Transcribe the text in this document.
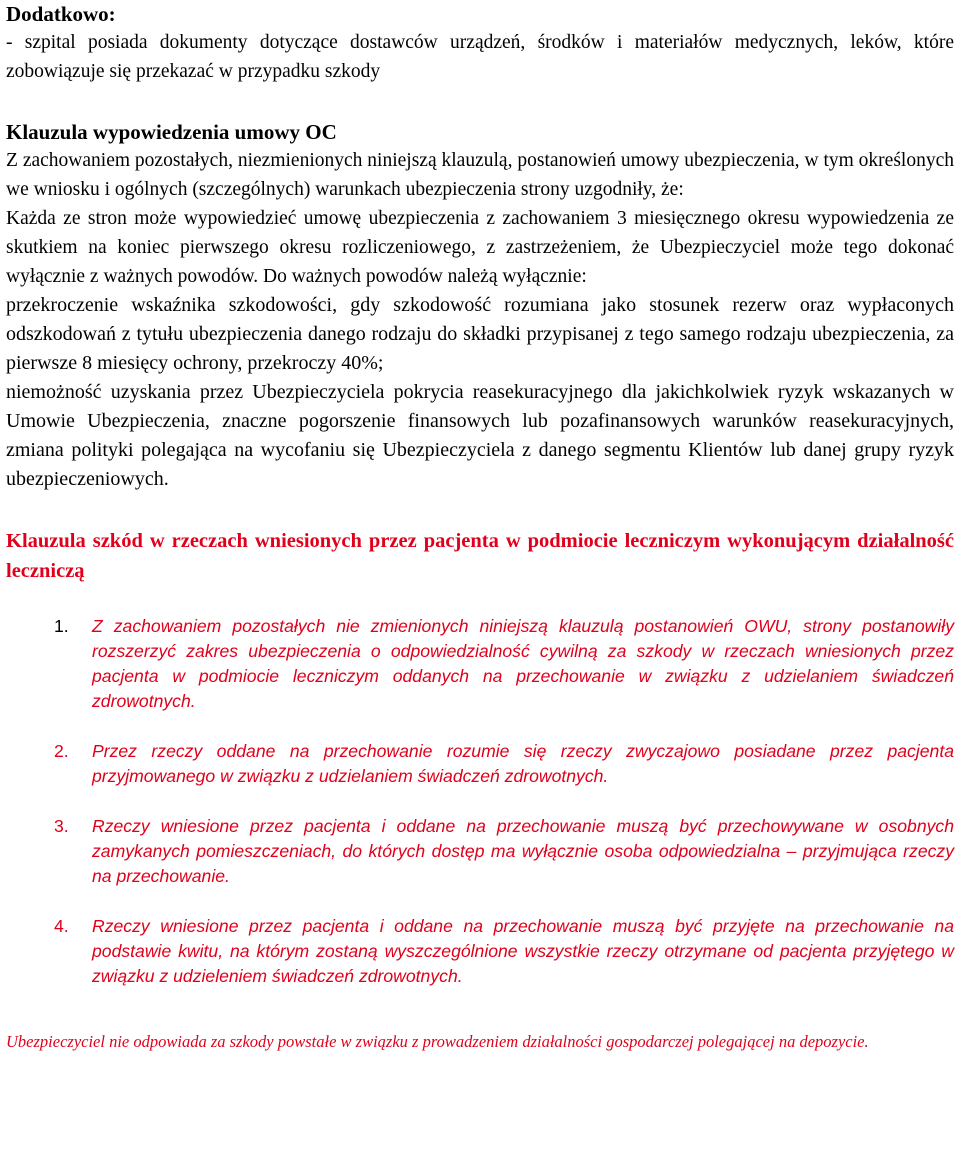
Dodatkowo:

- szpital posiada dokumenty dotyczące dostawców urządzeń, środków i materiałów medycznych, leków, które zobowiązuje się przekazać w przypadku szkody

Klauzula wypowiedzenia umowy OC

Z zachowaniem pozostałych, niezmienionych niniejszą klauzulą, postanowień umowy ubezpieczenia, w tym określonych we wniosku i ogólnych (szczególnych) warunkach ubezpieczenia strony uzgodniły, że:

Każda ze stron może wypowiedzieć umowę ubezpieczenia z zachowaniem 3 miesięcznego okresu wypowiedzenia ze skutkiem na koniec pierwszego okresu rozliczeniowego, z zastrzeżeniem, że Ubezpieczyciel może tego dokonać wyłącznie z ważnych powodów. Do ważnych powodów należą wyłącznie:

przekroczenie wskaźnika szkodowości, gdy szkodowość rozumiana jako stosunek rezerw oraz wypłaconych odszkodowań z tytułu ubezpieczenia danego rodzaju do składki przypisanej z tego samego rodzaju ubezpieczenia, za pierwsze 8 miesięcy ochrony, przekroczy 40%;

niemożność uzyskania przez Ubezpieczyciela pokrycia reasekuracyjnego dla jakichkolwiek ryzyk wskazanych w Umowie Ubezpieczenia, znaczne pogorszenie finansowych lub pozafinansowych warunków reasekuracyjnych, zmiana polityki polegająca na wycofaniu się Ubezpieczyciela z danego segmentu Klientów lub danej grupy ryzyk ubezpieczeniowych.

Klauzula szkód w rzeczach wniesionych przez pacjenta w podmiocie leczniczym wykonującym działalność leczniczą

1. Z zachowaniem pozostałych nie zmienionych niniejszą klauzulą postanowień OWU, strony postanowiły rozszerzyć zakres ubezpieczenia o odpowiedzialność cywilną za szkody w rzeczach wniesionych przez pacjenta w podmiocie leczniczym oddanych na przechowanie w związku z udzielaniem świadczeń zdrowotnych.
2. Przez rzeczy oddane na przechowanie rozumie się rzeczy zwyczajowo posiadane przez pacjenta przyjmowanego w związku z udzielaniem świadczeń zdrowotnych.
3. Rzeczy wniesione przez pacjenta i oddane na przechowanie muszą być przechowywane w osobnych zamykanych pomieszczeniach, do których dostęp ma wyłącznie osoba odpowiedzialna – przyjmująca rzeczy na przechowanie.
4. Rzeczy wniesione przez pacjenta i oddane na przechowanie muszą być przyjęte na przechowanie na podstawie kwitu, na którym zostaną wyszczególnione wszystkie rzeczy otrzymane od pacjenta przyjętego w związku z udzieleniem świadczeń zdrowotnych.

Ubezpieczyciel nie odpowiada za szkody powstałe w związku z prowadzeniem działalności gospodarczej polegającej na depozycie.
